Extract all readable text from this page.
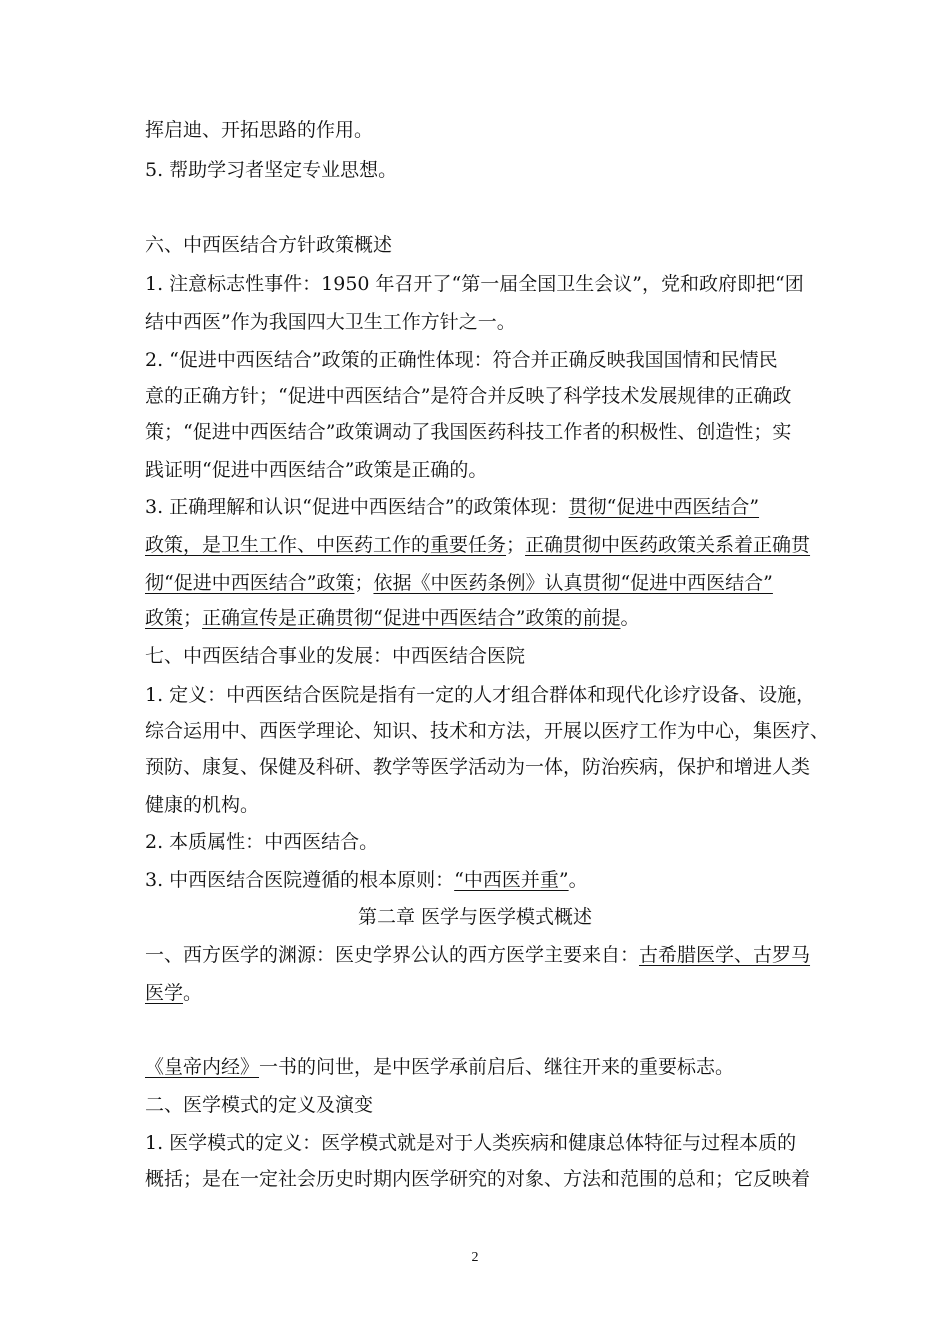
挥启迪、开拓思路的作用。
5. 帮助学习者坚定专业思想。
六、中西医结合方针政策概述
1. 注意标志性事件：1950 年召开了“第一届全国卫生会议”，党和政府即把“团
结中西医”作为我国四大卫生工作方针之一。
2. “促进中西医结合”政策的正确性体现：符合并正确反映我国国情和民情民
意的正确方针；“促进中西医结合”是符合并反映了科学技术发展规律的正确政
策；“促进中西医结合”政策调动了我国医药科技工作者的积极性、创造性；实
践证明“促进中西医结合”政策是正确的。
3. 正确理解和认识“促进中西医结合”的政策体现：贯彻“促进中西医结合”
政策，是卫生工作、中医药工作的重要任务；正确贯彻中医药政策关系着正确贯
彻“促进中西医结合”政策；依据《中医药条例》认真贯彻“促进中西医结合”
政策；正确宣传是正确贯彻“促进中西医结合”政策的前提。
七、中西医结合事业的发展：中西医结合医院
1. 定义：中西医结合医院是指有一定的人才组合群体和现代化诊疗设备、设施，
综合运用中、西医学理论、知识、技术和方法，开展以医疗工作为中心，集医疗、
预防、康复、保健及科研、教学等医学活动为一体，防治疾病，保护和增进人类
健康的机构。
2. 本质属性：中西医结合。
3. 中西医结合医院遵循的根本原则：“中西医并重”。
第二章 医学与医学模式概述
一、西方医学的渊源：医史学界公认的西方医学主要来自：古希腊医学、古罗马
医学。
《皇帝内经》一书的问世，是中医学承前启后、继往开来的重要标志。
二、医学模式的定义及演变
1. 医学模式的定义：医学模式就是对于人类疾病和健康总体特征与过程本质的
概括；是在一定社会历史时期内医学研究的对象、方法和范围的总和；它反映着
2
